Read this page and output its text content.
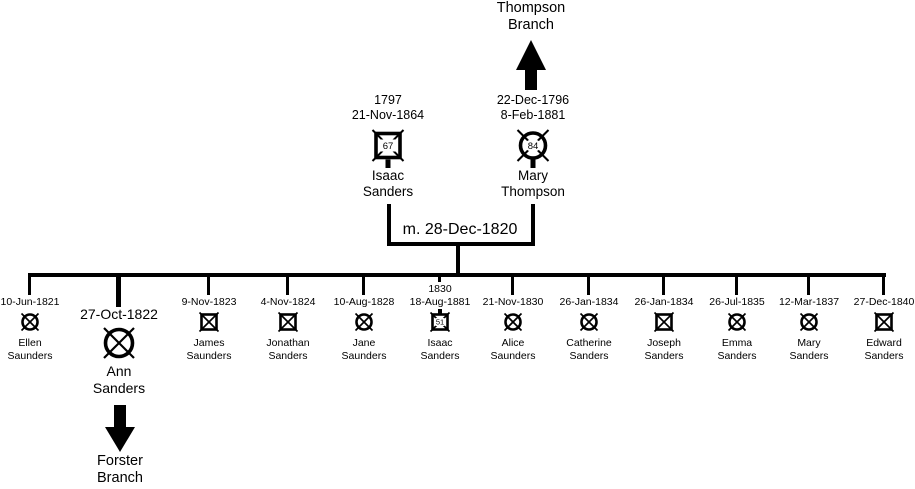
Thompson
Branch
1797
21-Nov-1864
67
Isaac
Sanders
22-Dec-1796
8-Feb-1881
84
Mary
Thompson
m. 28-Dec-1820
10-Jun-1821
Ellen
Saunders
27-Oct-1822
Ann
Sanders
9-Nov-1823
James
Saunders
4-Nov-1824
Jonathan
Sanders
10-Aug-1828
Jane
Saunders
1830
18-Aug-1881
51
Isaac
Sanders
21-Nov-1830
Alice
Saunders
26-Jan-1834
Catherine
Sanders
26-Jan-1834
Joseph
Sanders
26-Jul-1835
Emma
Sanders
12-Mar-1837
Mary
Sanders
27-Dec-1840
Edward
Sanders
Forster
Branch
